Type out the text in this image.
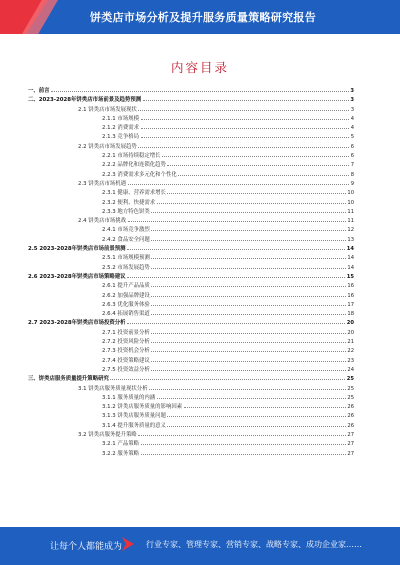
饼类店市场分析及提升服务质量策略研究报告
内容目录
一、前言	3
二、2023-2028年饼类店市场前景及趋势预测	3
2.1 饼类店市场发展现状	3
2.1.1 市场规模	4
2.1.2 消费需求	4
2.1.3 竞争格局	5
2.2 饼类店市场发展趋势	6
2.2.1 市场持续稳定增长	6
2.2.2 品牌化和连锁化趋势	7
2.2.3 消费需求多元化和个性化	8
2.3 饼类店市场机遇	9
2.3.1 健康、营养需求增长	10
2.3.2 便利、快捷需求	10
2.3.3 地方特色饼类	11
2.4 饼类店市场挑战	11
2.4.1 市场竞争激烈	12
2.4.2 食品安全问题	13
2.5 2023-2028年饼类店市场前景预测	14
2.5.1 市场规模预测	14
2.5.2 市场发展趋势	14
2.6 2023-2028年饼类店市场策略建议	15
2.6.1 提升产品品质	16
2.6.2 加强品牌建设	16
2.6.3 优化服务体验	17
2.6.4 拓展销售渠道	18
2.7 2023-2028年饼类店市场投资分析	20
2.7.1 投资前景分析	20
2.7.2 投资风险分析	21
2.7.3 投资机会分析	22
2.7.4 投资策略建议	23
2.7.5 投资效益分析	24
三、饼类店服务质量提升策略研究	25
3.1 饼类店服务质量现状分析	25
3.1.1 服务质量的内涵	25
3.1.2 饼类店服务质量的影响因素	26
3.1.3 饼类店服务质量问题	26
3.1.4 提升服务质量的意义	26
3.2 饼类店服务提升策略	27
3.2.1 产品策略	27
3.2.2 服务策略	27
让每个人都能成为	行业专家、管理专家、营销专家、战略专家、成功企业家……
